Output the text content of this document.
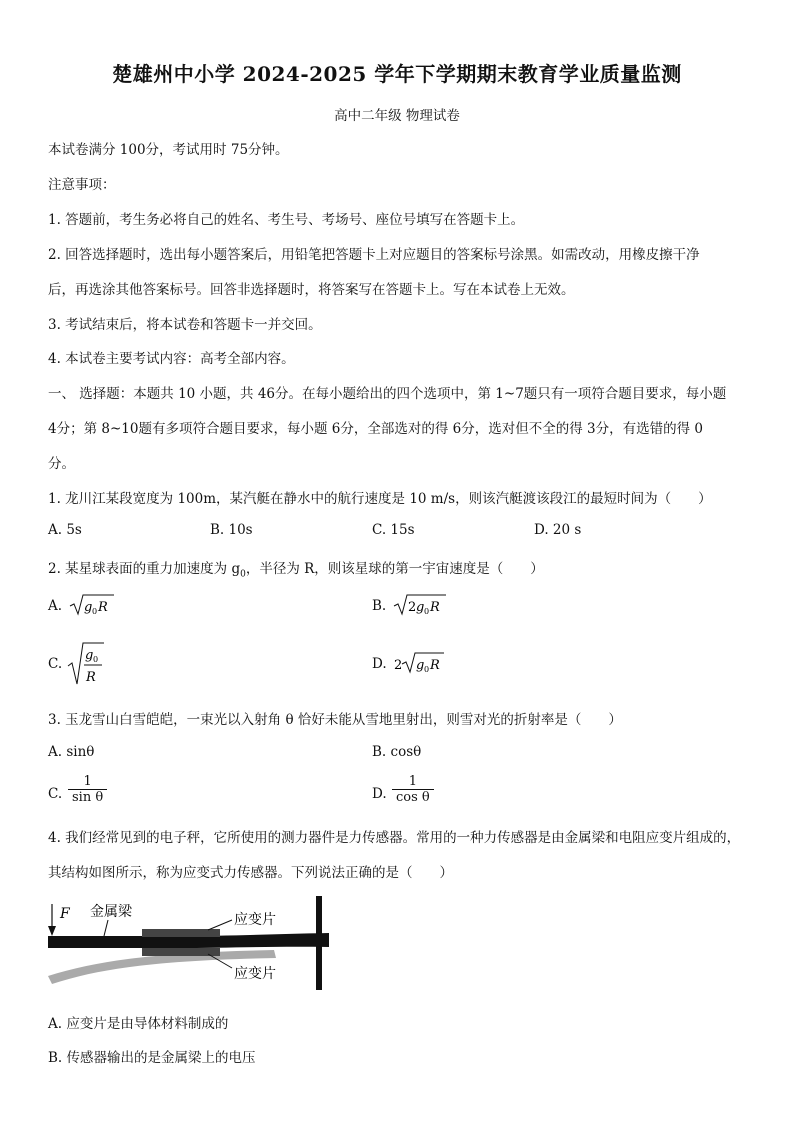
楚雄州中小学 2024-2025 学年下学期期末教育学业质量监测
高中二年级 物理试卷
本试卷满分 100分，考试用时 75分钟。
注意事项：
1. 答题前，考生务必将自己的姓名、考生号、考场号、座位号填写在答题卡上。
2. 回答选择题时，选出每小题答案后，用铅笔把答题卡上对应题目的答案标号涂黑。如需改动，用橡皮擦干净
后，再选涂其他答案标号。回答非选择题时，将答案写在答题卡上。写在本试卷上无效。
3. 考试结束后，将本试卷和答题卡一并交回。
4. 本试卷主要考试内容：高考全部内容。
一、 选择题：本题共 10 小题，共 46分。在每小题给出的四个选项中，第 1~7题只有一项符合题目要求，每小题
4分；第 8~10题有多项符合题目要求，每小题 6分，全部选对的得 6分，选对但不全的得 3分，有选错的得 0
分。
1. 龙川江某段宽度为 100m，某汽艇在静水中的航行速度是 10 m/s，则该汽艇渡该段江的最短时间为（　　）
A. 5s	B. 10s	C. 15s	D. 20 s
2. 某星球表面的重力加速度为 $g_0$，半径为 R，则该星球的第一宇宙速度是（　　）
A. g 0 R	B. 2 g 0 R
C.
g 0
R
D. 2 g 0 R
3. 玉龙雪山白雪皑皑，一束光以入射角 θ 恰好未能从雪地里射出，则雪对光的折射率是（　　）
A. sinθ	B. cosθ
C. $\frac{1}{\text{sin θ}}$	D. $\frac{1}{\text{cos θ}}$
4. 我们经常见到的电子秤，它所使用的测力器件是力传感器。常用的一种力传感器是由金属梁和电阻应变片组成的，
其结构如图所示，称为应变式力传感器。下列说法正确的是（　　）
F 金属梁	应变片
应变片
A. 应变片是由导体材料制成的
B. 传感器输出的是金属梁上的电压
